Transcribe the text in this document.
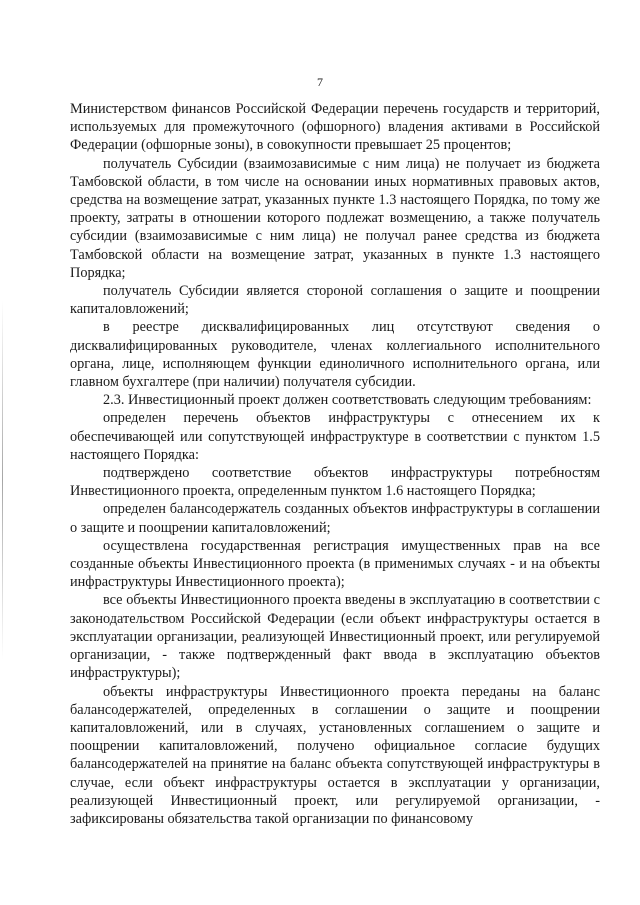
7

Министерством финансов Российской Федерации перечень государств и территорий, используемых для промежуточного (офшорного) владения активами в Российской Федерации (офшорные зоны), в совокупности превышает 25 процентов;

получатель Субсидии (взаимозависимые с ним лица) не получает из бюджета Тамбовской области, в том числе на основании иных нормативных правовых актов, средства на возмещение затрат, указанных пункте 1.3 настоящего Порядка, по тому же проекту, затраты в отношении которого подлежат возмещению, а также получатель субсидии (взаимозависимые с ним лица) не получал ранее средства из бюджета Тамбовской области на возмещение затрат, указанных в пункте 1.3 настоящего Порядка;

получатель Субсидии является стороной соглашения о защите и поощрении капиталовложений;

в реестре дисквалифицированных лиц отсутствуют сведения о дисквалифицированных руководителе, членах коллегиального исполнительного органа, лице, исполняющем функции единоличного исполнительного органа, или главном бухгалтере (при наличии) получателя субсидии.

2.3. Инвестиционный проект должен соответствовать следующим требованиям:

определен перечень объектов инфраструктуры с отнесением их к обеспечивающей или сопутствующей инфраструктуре в соответствии с пунктом 1.5 настоящего Порядка:

подтверждено соответствие объектов инфраструктуры потребностям Инвестиционного проекта, определенным пунктом 1.6 настоящего Порядка;

определен балансодержатель созданных объектов инфраструктуры в соглашении о защите и поощрении капиталовложений;

осуществлена государственная регистрация имущественных прав на все созданные объекты Инвестиционного проекта (в применимых случаях - и на объекты инфраструктуры Инвестиционного проекта);

все объекты Инвестиционного проекта введены в эксплуатацию в соответствии с законодательством Российской Федерации (если объект инфраструктуры остается в эксплуатации организации, реализующей Инвестиционный проект, или регулируемой организации, - также подтвержденный факт ввода в эксплуатацию объектов инфраструктуры);

объекты инфраструктуры Инвестиционного проекта переданы на баланс балансодержателей, определенных в соглашении о защите и поощрении капиталовложений, или в случаях, установленных соглашением о защите и поощрении капиталовложений, получено официальное согласие будущих балансодержателей на принятие на баланс объекта сопутствующей инфраструктуры в случае, если объект инфраструктуры остается в эксплуатации у организации, реализующей Инвестиционный проект, или регулируемой организации, - зафиксированы обязательства такой организации по финансовому
